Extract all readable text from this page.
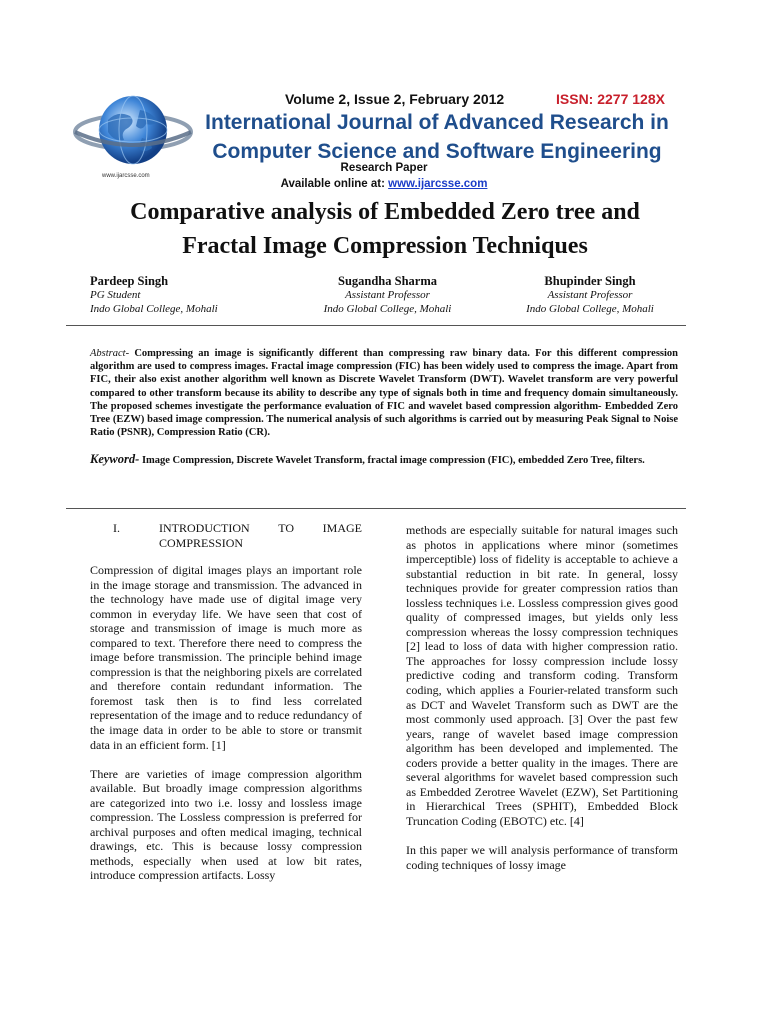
www.ijarcsse.com
Volume 2, Issue 2, February 2012	ISSN: 2277 128X
International Journal of Advanced Research in
Computer Science and Software Engineering
Research Paper
Available online at: www.ijarcsse.com
Comparative analysis of Embedded Zero tree and
Fractal Image Compression Techniques
Pardeep Singh
PG Student
Indo Global College, Mohali
Sugandha Sharma
Assistant Professor
Indo Global College, Mohali
Bhupinder Singh
Assistant Professor
Indo Global College, Mohali
Abstract- Compressing an image is significantly different than compressing raw binary data. For this different compression algorithm are used to compress images. Fractal image compression (FIC) has been widely used to compress the image. Apart from FIC, their also exist another algorithm well known as Discrete Wavelet Transform (DWT). Wavelet transform are very powerful compared to other transform because its ability to describe any type of signals both in time and frequency domain simultaneously. The proposed schemes investigate the performance evaluation of FIC and wavelet based compression algorithm- Embedded Zero Tree (EZW) based image compression. The numerical analysis of such algorithms is carried out by measuring Peak Signal to Noise Ratio (PSNR), Compression Ratio (CR).
Keyword- Image Compression, Discrete Wavelet Transform, fractal image compression (FIC), embedded Zero Tree, filters.
I.	INTRODUCTION TO IMAGE
COMPRESSION

Compression of digital images plays an important role in the image storage and transmission. The advanced in the technology have made use of digital image very common in everyday life. We have seen that cost of storage and transmission of image is much more as compared to text. Therefore there need to compress the image before transmission. The principle behind image compression is that the neighboring pixels are correlated and therefore contain redundant information. The foremost task then is to find less correlated representation of the image and to reduce redundancy of the image data in order to be able to store or transmit data in an efficient form. [1]

There are varieties of image compression algorithm available. But broadly image compression algorithms are categorized into two i.e. lossy and lossless image compression. The Lossless compression is preferred for archival purposes and often medical imaging, technical drawings, etc. This is because lossy compression methods, especially when used at low bit rates, introduce compression artifacts. Lossy

methods are especially suitable for natural images such as photos in applications where minor (sometimes imperceptible) loss of fidelity is acceptable to achieve a substantial reduction in bit rate. In general, lossy techniques provide for greater compression ratios than lossless techniques i.e. Lossless compression gives good quality of compressed images, but yields only less compression whereas the lossy compression techniques [2] lead to loss of data with higher compression ratio. The approaches for lossy compression include lossy predictive coding and transform coding. Transform coding, which applies a Fourier-related transform such as DCT and Wavelet Transform such as DWT are the most commonly used approach. [3] Over the past few years, range of wavelet based image compression algorithm has been developed and implemented. The coders provide a better quality in the images. There are several algorithms for wavelet based compression such as Embedded Zerotree Wavelet (EZW), Set Partitioning in Hierarchical Trees (SPHIT), Embedded Block Truncation Coding (EBOTC) etc. [4]

In this paper we will analysis performance of transform coding techniques of lossy image
